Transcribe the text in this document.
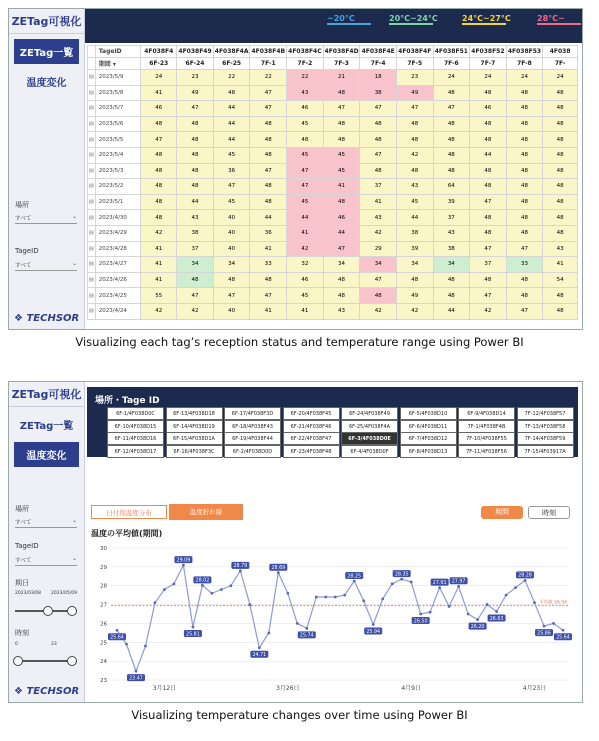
ZETag可視化
ZETag一覧
温度変化
場所
すべて	⌄
TageID
すべて	⌄
❖ TECHSOR
~20°C	20°C~24°C	24°C~27°C	28°C~
	TageID	4F038F4	4F038F49	4F038F4A	4F038F4B	4F038F4C	4F038F4D	4F038F4E	4F038F4F	4F038F51	4F038F52	4F038F53	4F038
	期間 ▾	6F-23	6F-24	6F-25	7F-1	7F-2	7F-3	7F-4	7F-5	7F-6	7F-7	7F-8	7F-
▤	2023/5/9	24	23	22	22	22	21	18	23	24	24	24	24
▤	2023/5/8	41	49	48	47	43	48	38	49	48	48	48	48
▤	2023/5/7	46	47	44	47	46	47	47	47	47	46	48	48
▤	2023/5/6	48	48	44	48	45	48	48	48	48	48	48	48
▤	2023/5/5	47	48	44	48	48	48	48	48	48	48	48	48
▤	2023/5/4	48	48	45	48	45	45	47	42	48	44	48	48
▤	2023/5/3	48	48	36	47	47	45	48	48	48	48	48	48
▤	2023/5/2	48	48	47	48	47	41	37	43	64	48	48	48
▤	2023/5/1	48	44	45	48	45	48	41	45	39	47	48	48
▤	2023/4/30	48	43	40	44	44	46	43	44	37	48	48	48
▤	2023/4/29	42	38	40	36	41	44	42	38	43	48	48	48
▤	2023/4/28	41	37	40	41	42	47	29	39	38	47	47	43
▤	2023/4/27	41	34	34	33	32	34	34	34	34	37	33	41
▤	2023/4/26	41	48	48	48	46	48	47	48	48	48	48	54
▤	2023/4/25	55	47	47	47	45	48	48	49	48	47	48	48
▤	2023/4/24	42	42	40	41	41	43	42	42	44	42	47	48
Visualizing each tag’s reception status and temperature range using Power BI
ZETag可視化
ZETag一覧
温度変化
場所
すべて	⌄
TageID
すべて	⌄
期日
2023/03/08 2023/05/09
時刻
0	23
❖ TECHSOR
場所・Tage ID
6F-1/4F038D0C	6F-13/4F038D18	6F-17/4F038F3D	6F-20/4F038F45	6F-24/4F038F49	6F-5/4F038D10	6F-9/4F038D14	7F-12/4F038F57
6F-10/4F038D15	6F-14/4F038D19	6F-18/4F038F43	6F-21/4F038F46	6F-25/4F038F4A	6F-6/4F038D11	7F-1/4F038F4B	7F-13/4F038F58
6F-11/4F038D16	6F-15/4F038D1A	6F-19/4F038F44	6F-22/4F038F47	6F-3/4F038D0E	6F-7/4F038D12	7F-10/4F038F55	7F-14/4F038F59
6F-12/4F038D17	6F-16/4F038F3C	6F-2/4F038D0D	6F-23/4F038F48	6F-4/4F038D0F	6F-8/4F038D13	7F-11/4F038F56	7F-15/4F03917A
日付別温度分布	温度折れ線	期間	時刻
温度の平均値(期間)
23
24
25
26
27
28
29
30
3月12日	3月26日	4月9日	4月23日
平均値 26.94
25.64
23.47
29.09
25.81
28.02
28.79
24.71
28.69
25.74
28.25
25.94
28.35
26.50
27.91 27.97
26.20
26.63
28.28
25.86
25.64
Visualizing temperature changes over time using Power BI
